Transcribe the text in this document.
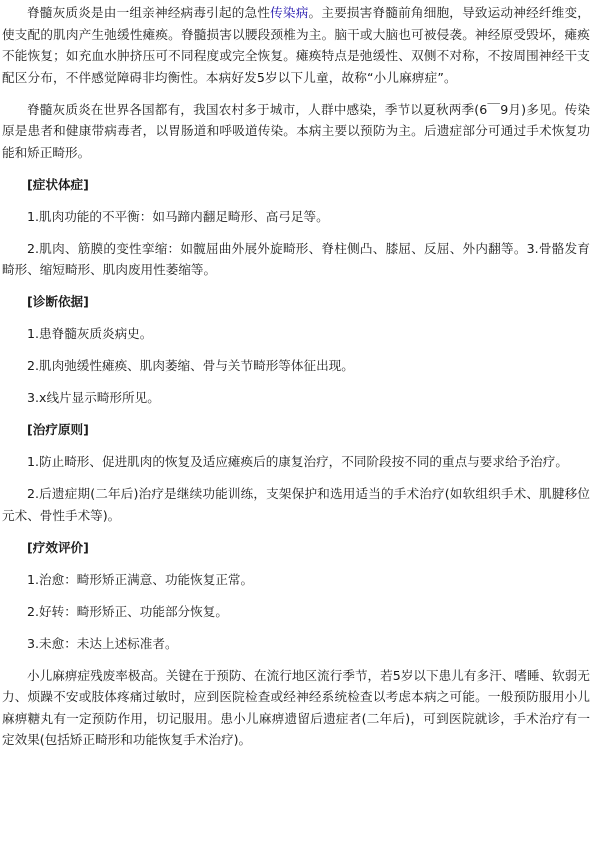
脊髓灰质炎是由一组亲神经病毒引起的急性传染病。主要损害脊髓前角细胞，导致运动神经纤维变，使支配的肌肉产生弛缓性瘫痪。脊髓损害以腰段颈椎为主。脑干或大脑也可被侵袭。神经原受毁坏，瘫痪不能恢复；如充血水肿挤压可不同程度或完全恢复。瘫痪特点是弛缓性、双侧不对称，不按周围神经干支配区分布，不伴感觉障碍非均衡性。本病好发5岁以下儿童，故称“小儿麻痹症”。

脊髓灰质炎在世界各国都有，我国农村多于城市，人群中感染，季节以夏秋两季(6￣9月)多见。传染原是患者和健康带病毒者，以胃肠道和呼吸道传染。本病主要以预防为主。后遗症部分可通过手术恢复功能和矫正畸形。

[症状体症]

1.肌肉功能的不平衡：如马蹄内翻足畸形、高弓足等。

2.肌肉、筋膜的变性挛缩：如髋屈曲外展外旋畸形、脊柱侧凸、膝屈、反屈、外内翻等。3.骨骼发育畸形、缩短畸形、肌肉废用性萎缩等。

[诊断依据]

1.患脊髓灰质炎病史。

2.肌肉弛缓性瘫痪、肌肉萎缩、骨与关节畸形等体征出现。

3.x线片显示畸形所见。

[治疗原则]

1.防止畸形、促进肌肉的恢复及适应瘫痪后的康复治疗，不同阶段按不同的重点与要求给予治疗。

2.后遗症期(二年后)治疗是继续功能训练，支架保护和选用适当的手术治疗(如软组织手术、肌腱移位元术、骨性手术等)。

[疗效评价]

1.治愈：畸形矫正满意、功能恢复正常。

2.好转：畸形矫正、功能部分恢复。

3.未愈：未达上述标准者。

小儿麻痹症残废率极高。关键在于预防、在流行地区流行季节，若5岁以下患儿有多汗、嗜睡、软弱无力、烦躁不安或肢体疼痛过敏时，应到医院检查或经神经系统检查以考虑本病之可能。一般预防服用小儿麻痹糖丸有一定预防作用，切记服用。患小儿麻痹遗留后遗症者(二年后)，可到医院就诊，手术治疗有一定效果(包括矫正畸形和功能恢复手术治疗)。
